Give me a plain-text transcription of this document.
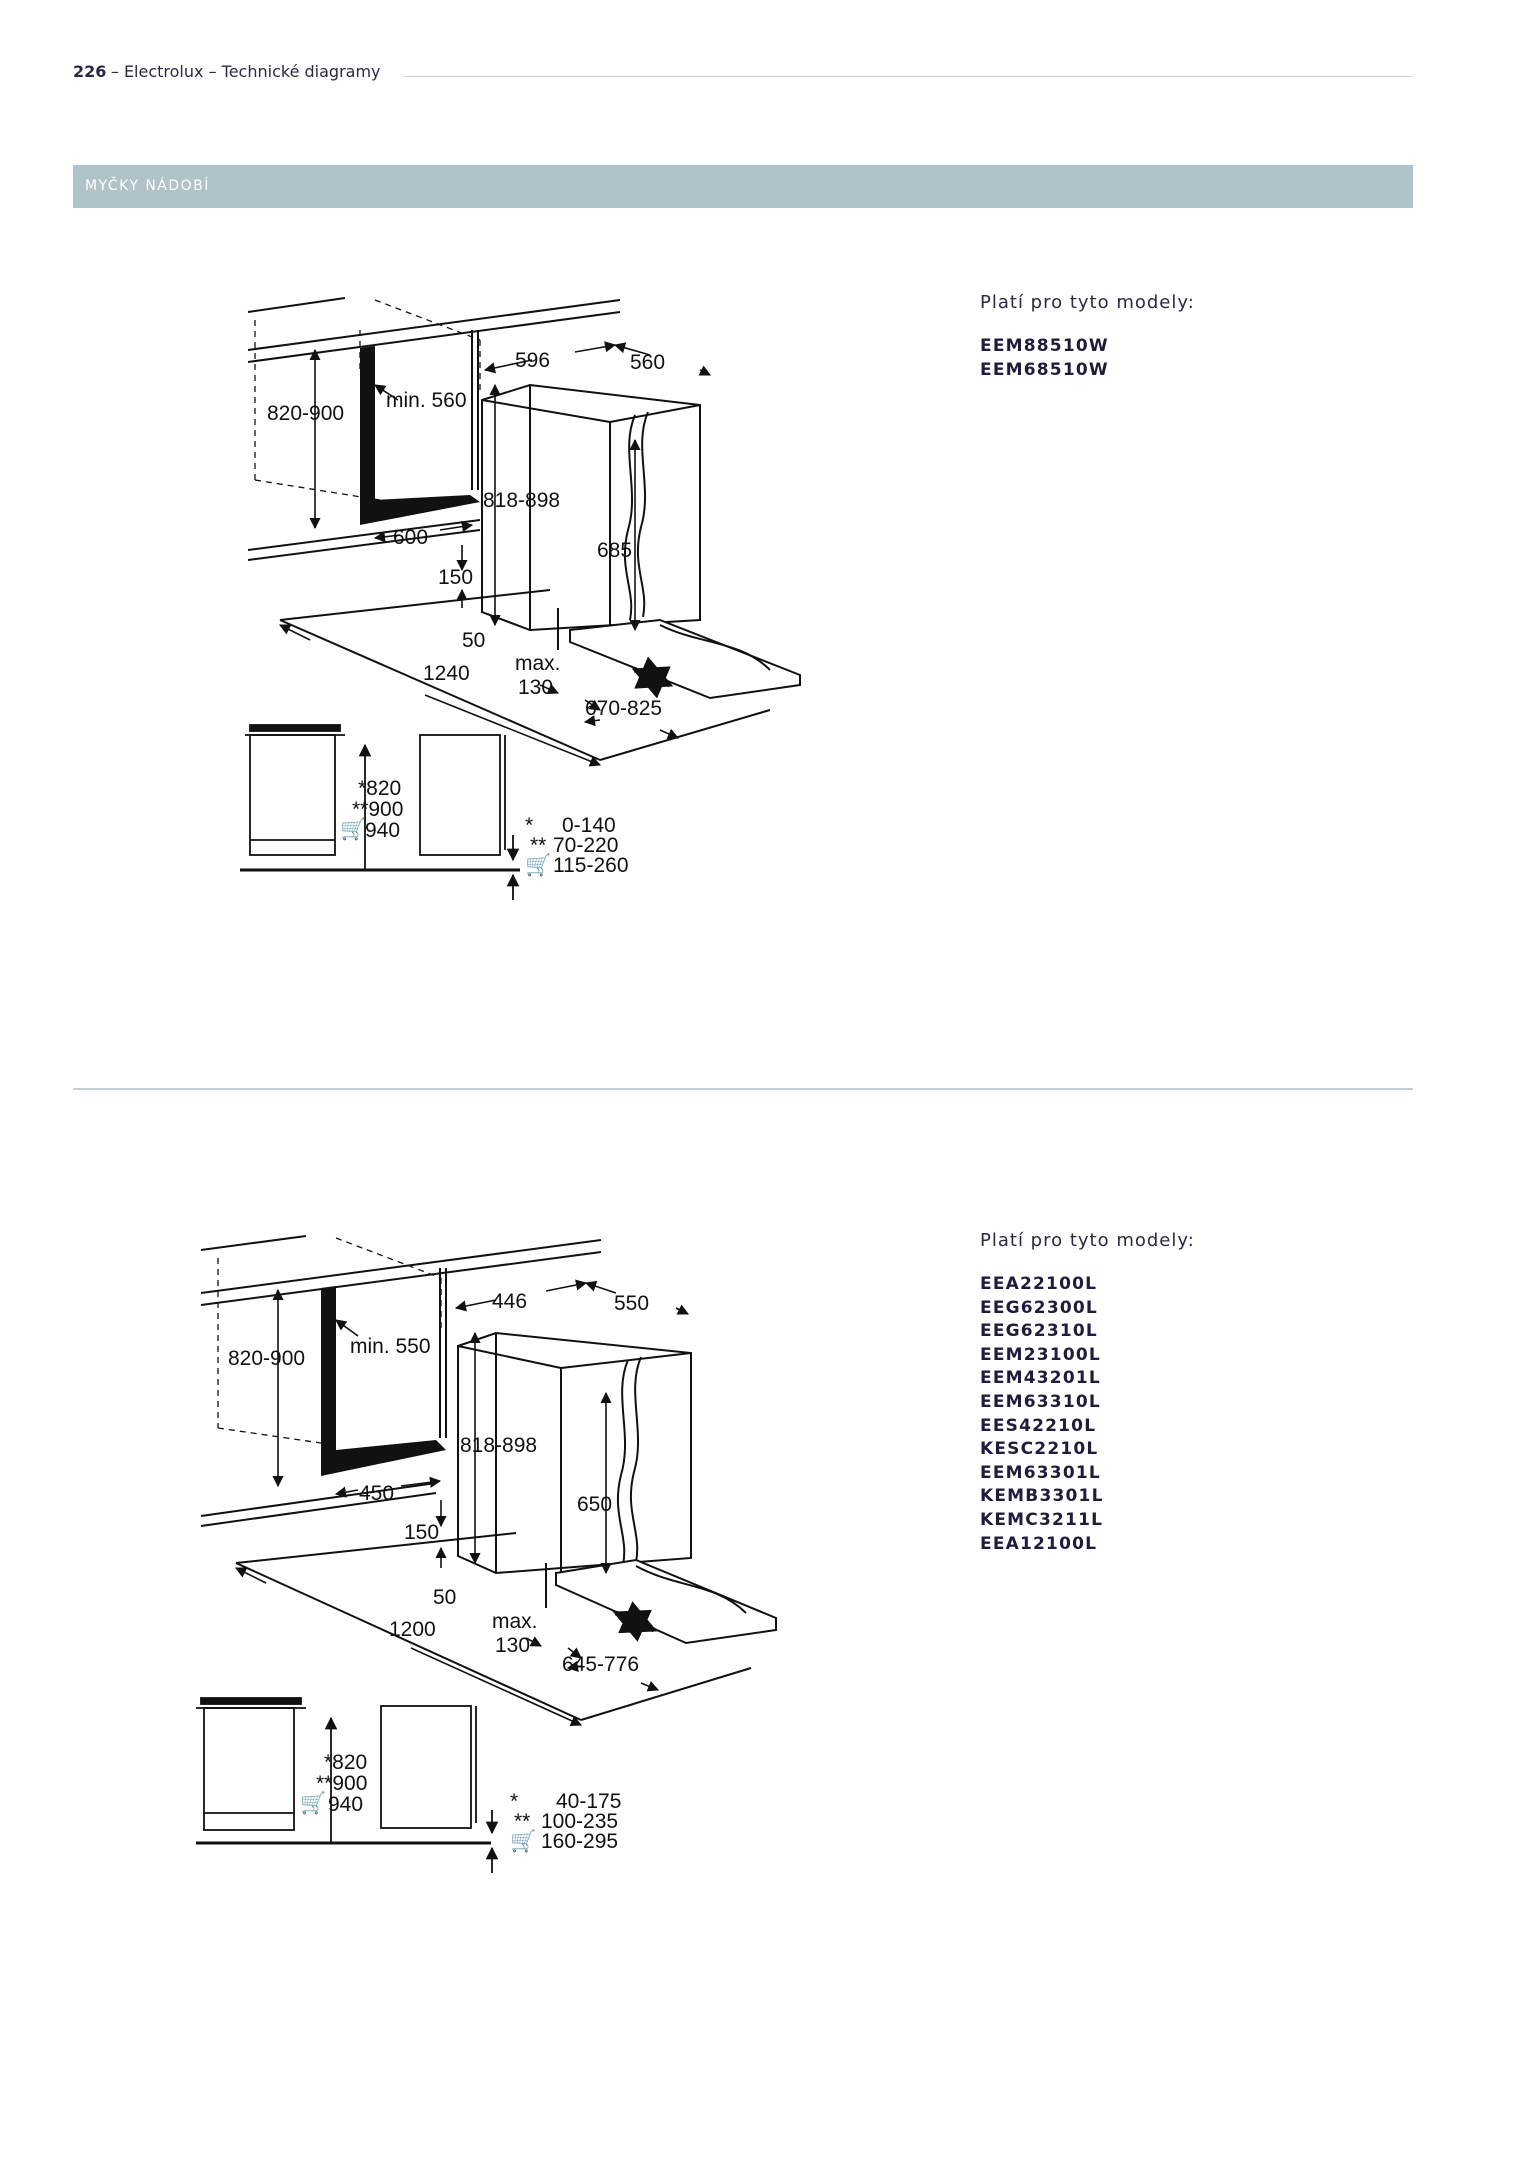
226 – Electrolux – Technické diagramy
MYČKY NÁDOBÍ
596	560
820-900
min. 560
818-898
600
685
150
50
max.
130
1240
670-825
*820
**900
🛒
940	* 0-140
** 70-220
🛒 115-260
Platí pro tyto modely:
EEM88510W
EEM68510W
446	550
820-900
min. 550
818-898
450	650
150
50
max.
130
1200
645-776
*820
**900
🛒 940	* 40-175
** 100-235
🛒 160-295
Platí pro tyto modely:
EEA22100L
EEG62300L
EEG62310L
EEM23100L
EEM43201L
EEM63310L
EES42210L
KESC2210L
EEM63301L
KEMB3301L
KEMC3211L
EEA12100L
